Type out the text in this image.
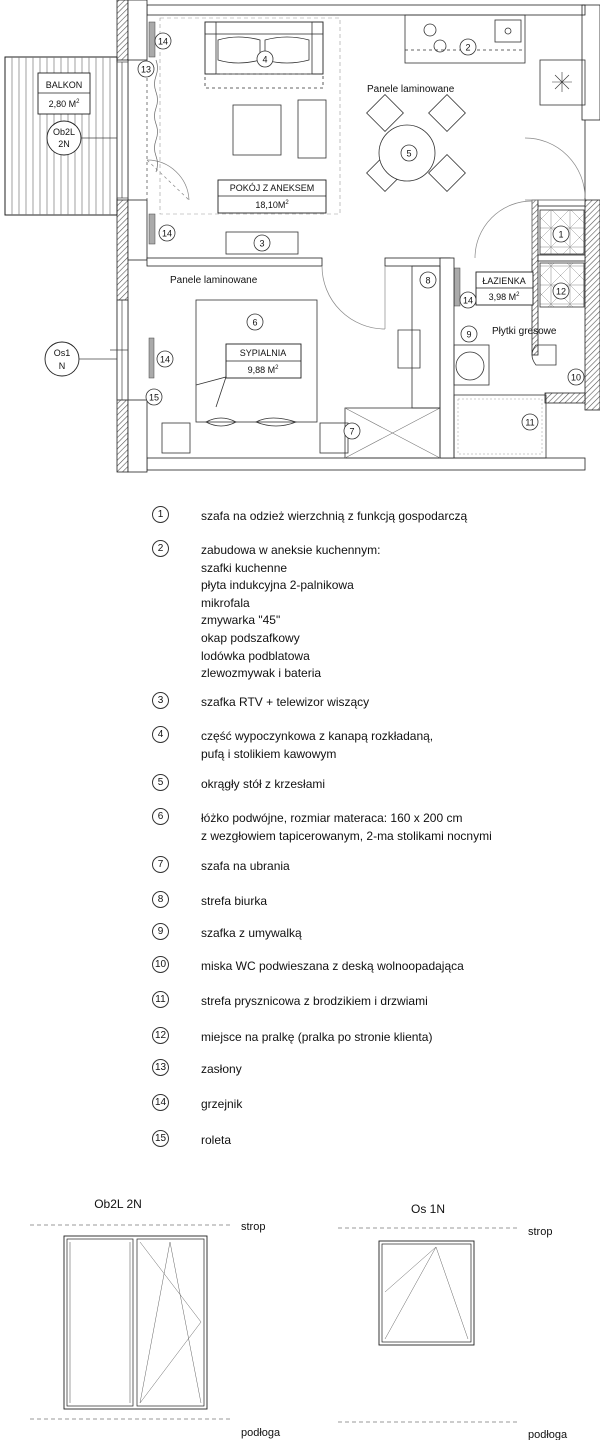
BALKON
2,80 $M^2$
Ob2L
2N
Os1
N
POKÓJ Z ANEKSEM
$18,10M^2$
SYPIALNIA
9,88 $M^2$
ŁAZIENKA
3,98 $M^2$
Panele laminowane
Panele laminowane
Płytki gresowe
14
13
4
2
5
14
3
1
8
12
6
14
9
10
15
7
11
14
1	szafa na odzież wierzchnią z funkcją gospodarczą
2	zabudowa w aneksie kuchennym:
szafki kuchenne
płyta indukcyjna 2-palnikowa
mikrofala
zmywarka "45"
okap podszafkowy
lodówka podblatowa
zlewozmywak i bateria
3	szafka RTV + telewizor wiszący
4	część wypoczynkowa z kanapą rozkładaną,
pufą i stolikiem kawowym
5	okrągły stół z krzesłami
6	łóżko podwójne, rozmiar materaca: 160 x 200 cm
z wezgłowiem tapicerowanym, 2-ma stolikami nocnymi
7	szafa na ubrania
8	strefa biurka
9	szafka z umywalką
10	miska WC podwieszana z deską wolnoopadająca
11	strefa prysznicowa z brodzikiem i drzwiami
12	miejsce na pralkę (pralka po stronie klienta)
13	zasłony
14	grzejnik
15	roleta
Ob2L 2N
strop
podłoga
Os 1N
strop
podłoga
